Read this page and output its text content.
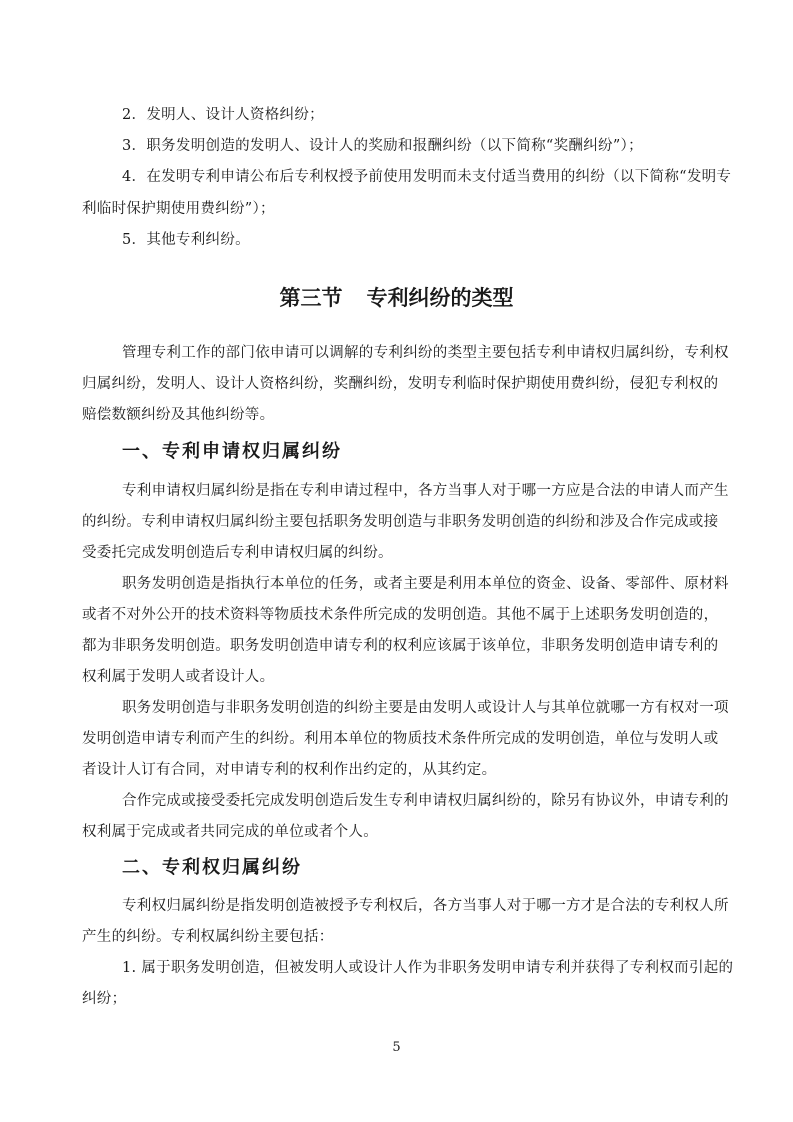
2．发明人、设计人资格纠纷；
3．职务发明创造的发明人、设计人的奖励和报酬纠纷（以下简称“奖酬纠纷”）；
4．在发明专利申请公布后专利权授予前使用发明而未支付适当费用的纠纷（以下简称“发明专
利临时保护期使用费纠纷”）；
5．其他专利纠纷。
第三节 专利纠纷的类型
管理专利工作的部门依申请可以调解的专利纠纷的类型主要包括专利申请权归属纠纷，专利权
归属纠纷，发明人、设计人资格纠纷，奖酬纠纷，发明专利临时保护期使用费纠纷，侵犯专利权的
赔偿数额纠纷及其他纠纷等。
一、专利申请权归属纠纷
专利申请权归属纠纷是指在专利申请过程中，各方当事人对于哪一方应是合法的申请人而产生
的纠纷。专利申请权归属纠纷主要包括职务发明创造与非职务发明创造的纠纷和涉及合作完成或接
受委托完成发明创造后专利申请权归属的纠纷。
职务发明创造是指执行本单位的任务，或者主要是利用本单位的资金、设备、零部件、原材料
或者不对外公开的技术资料等物质技术条件所完成的发明创造。其他不属于上述职务发明创造的，
都为非职务发明创造。职务发明创造申请专利的权利应该属于该单位，非职务发明创造申请专利的
权利属于发明人或者设计人。
职务发明创造与非职务发明创造的纠纷主要是由发明人或设计人与其单位就哪一方有权对一项
发明创造申请专利而产生的纠纷。利用本单位的物质技术条件所完成的发明创造，单位与发明人或
者设计人订有合同，对申请专利的权利作出约定的，从其约定。
合作完成或接受委托完成发明创造后发生专利申请权归属纠纷的，除另有协议外，申请专利的
权利属于完成或者共同完成的单位或者个人。
二、专利权归属纠纷
专利权归属纠纷是指发明创造被授予专利权后，各方当事人对于哪一方才是合法的专利权人所
产生的纠纷。专利权属纠纷主要包括：
1. 属于职务发明创造，但被发明人或设计人作为非职务发明申请专利并获得了专利权而引起的
纠纷；
5
